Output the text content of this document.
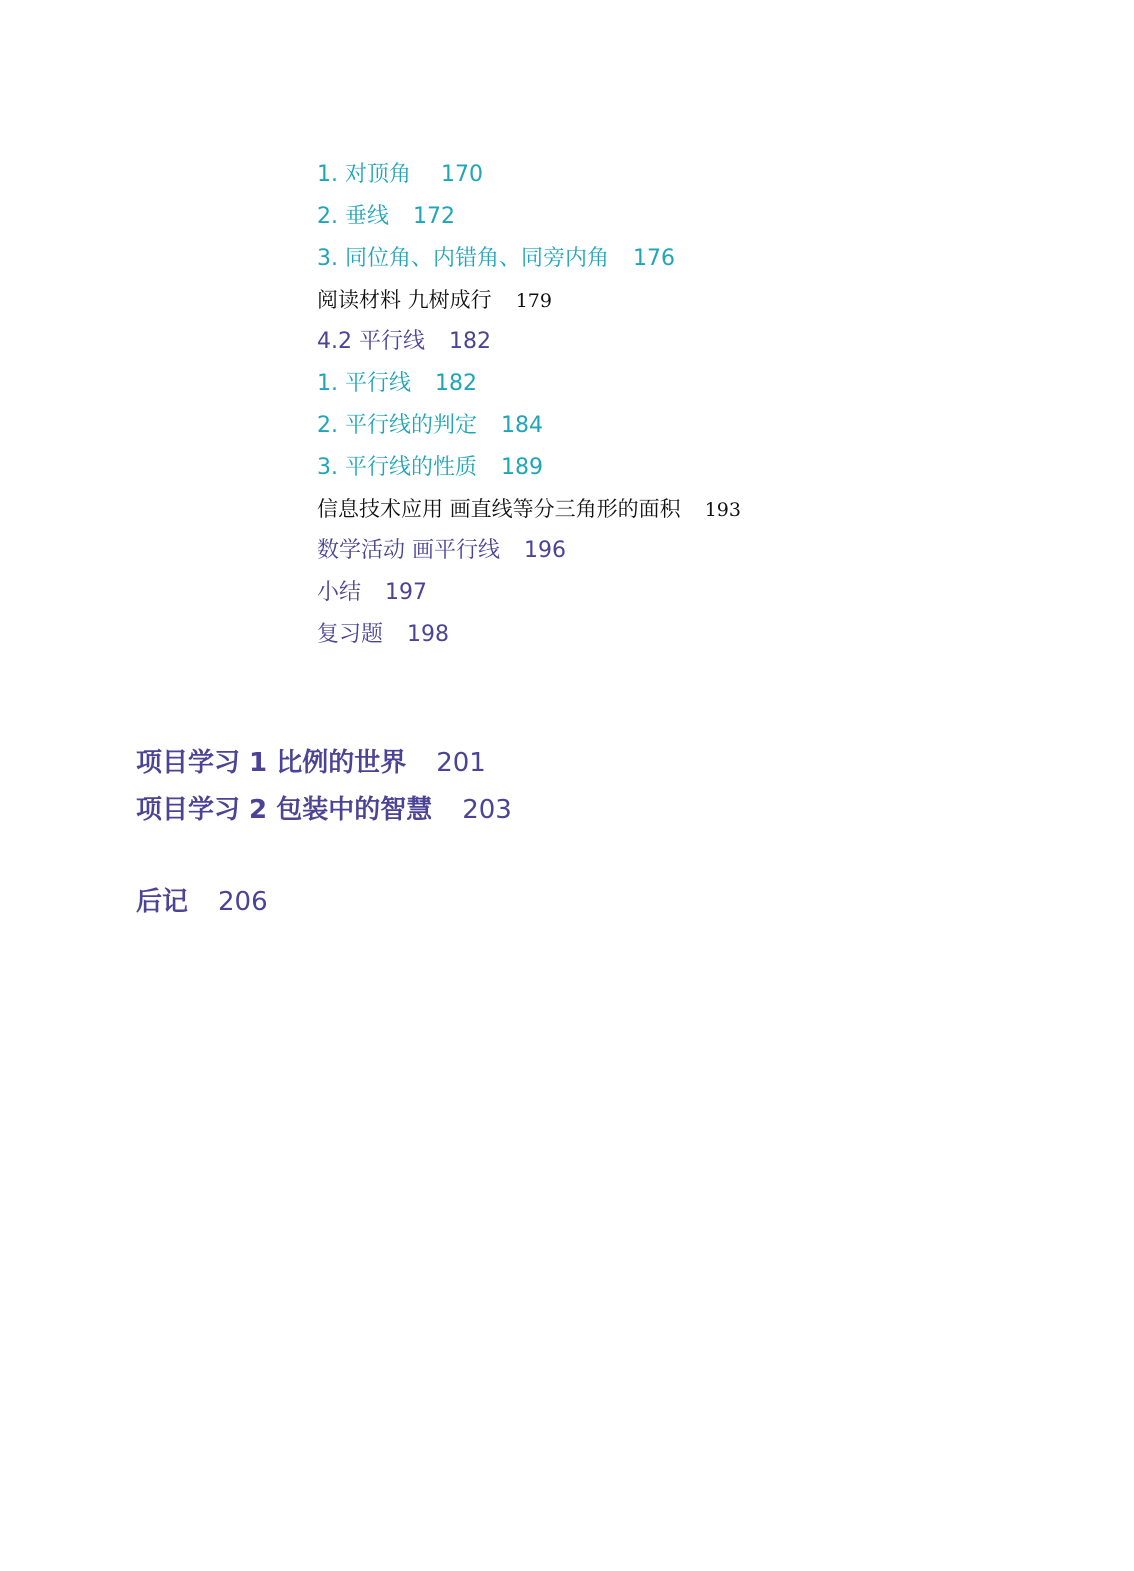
1. 对顶角 170
2. 垂线 172
3. 同位角、内错角、同旁内角 176
阅读材料 九树成行 179
4.2 平行线 182
1. 平行线 182
2. 平行线的判定 184
3. 平行线的性质 189
信息技术应用 画直线等分三角形的面积 193
数学活动 画平行线 196
小结 197
复习题 198
项目学习 1 比例的世界 201
项目学习 2 包装中的智慧 203
后记 206
